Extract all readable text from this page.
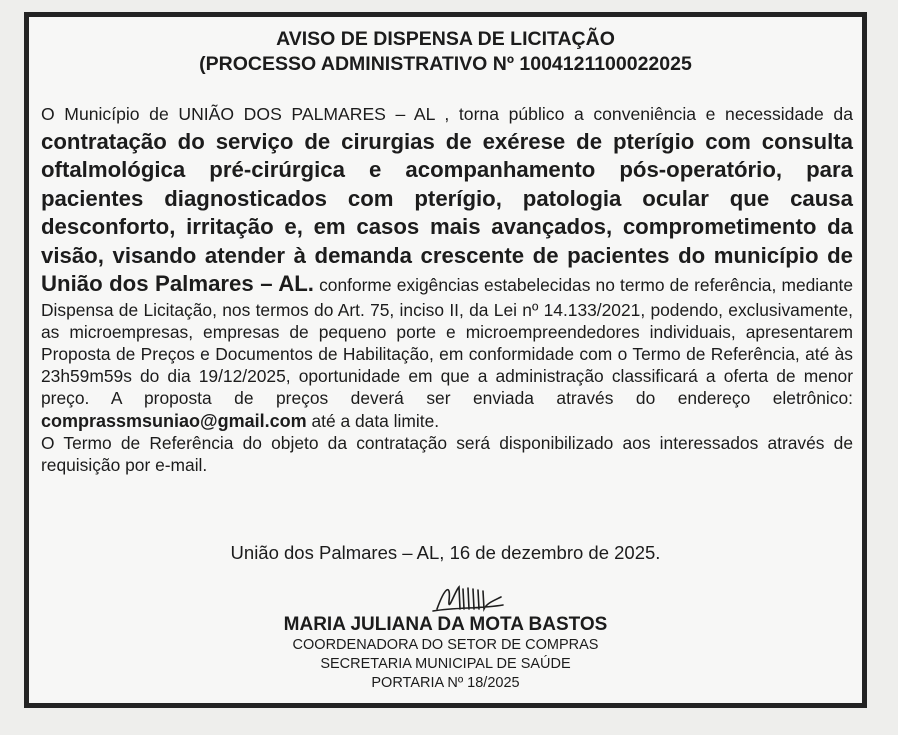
AVISO DE DISPENSA DE LICITAÇÃO
(PROCESSO ADMINISTRATIVO Nº 1004121100022025
O Município de UNIÃO DOS PALMARES – AL , torna público a conveniência e necessidade da contratação do serviço de cirurgias de exérese de pterígio com consulta oftalmológica pré-cirúrgica e acompanhamento pós-operatório, para pacientes diagnosticados com pterígio, patologia ocular que causa desconforto, irritação e, em casos mais avançados, comprometimento da visão, visando atender à demanda crescente de pacientes do município de União dos Palmares – AL. conforme exigências estabelecidas no termo de referência, mediante Dispensa de Licitação, nos termos do Art. 75, inciso II, da Lei nº 14.133/2021, podendo, exclusivamente, as microempresas, empresas de pequeno porte e microempreendedores individuais, apresentarem Proposta de Preços e Documentos de Habilitação, em conformidade com o Termo de Referência, até às 23h59m59s do dia 19/12/2025, oportunidade em que a administração classificará a oferta de menor preço. A proposta de preços deverá ser enviada através do endereço eletrônico: comprassmsuniao@gmail.com até a data limite.
O Termo de Referência do objeto da contratação será disponibilizado aos interessados através de requisição por e-mail.
União dos Palmares – AL, 16 de dezembro de 2025.
MARIA JULIANA DA MOTA BASTOS
COORDENADORA DO SETOR DE COMPRAS
SECRETARIA MUNICIPAL DE SAÚDE
PORTARIA Nº 18/2025
